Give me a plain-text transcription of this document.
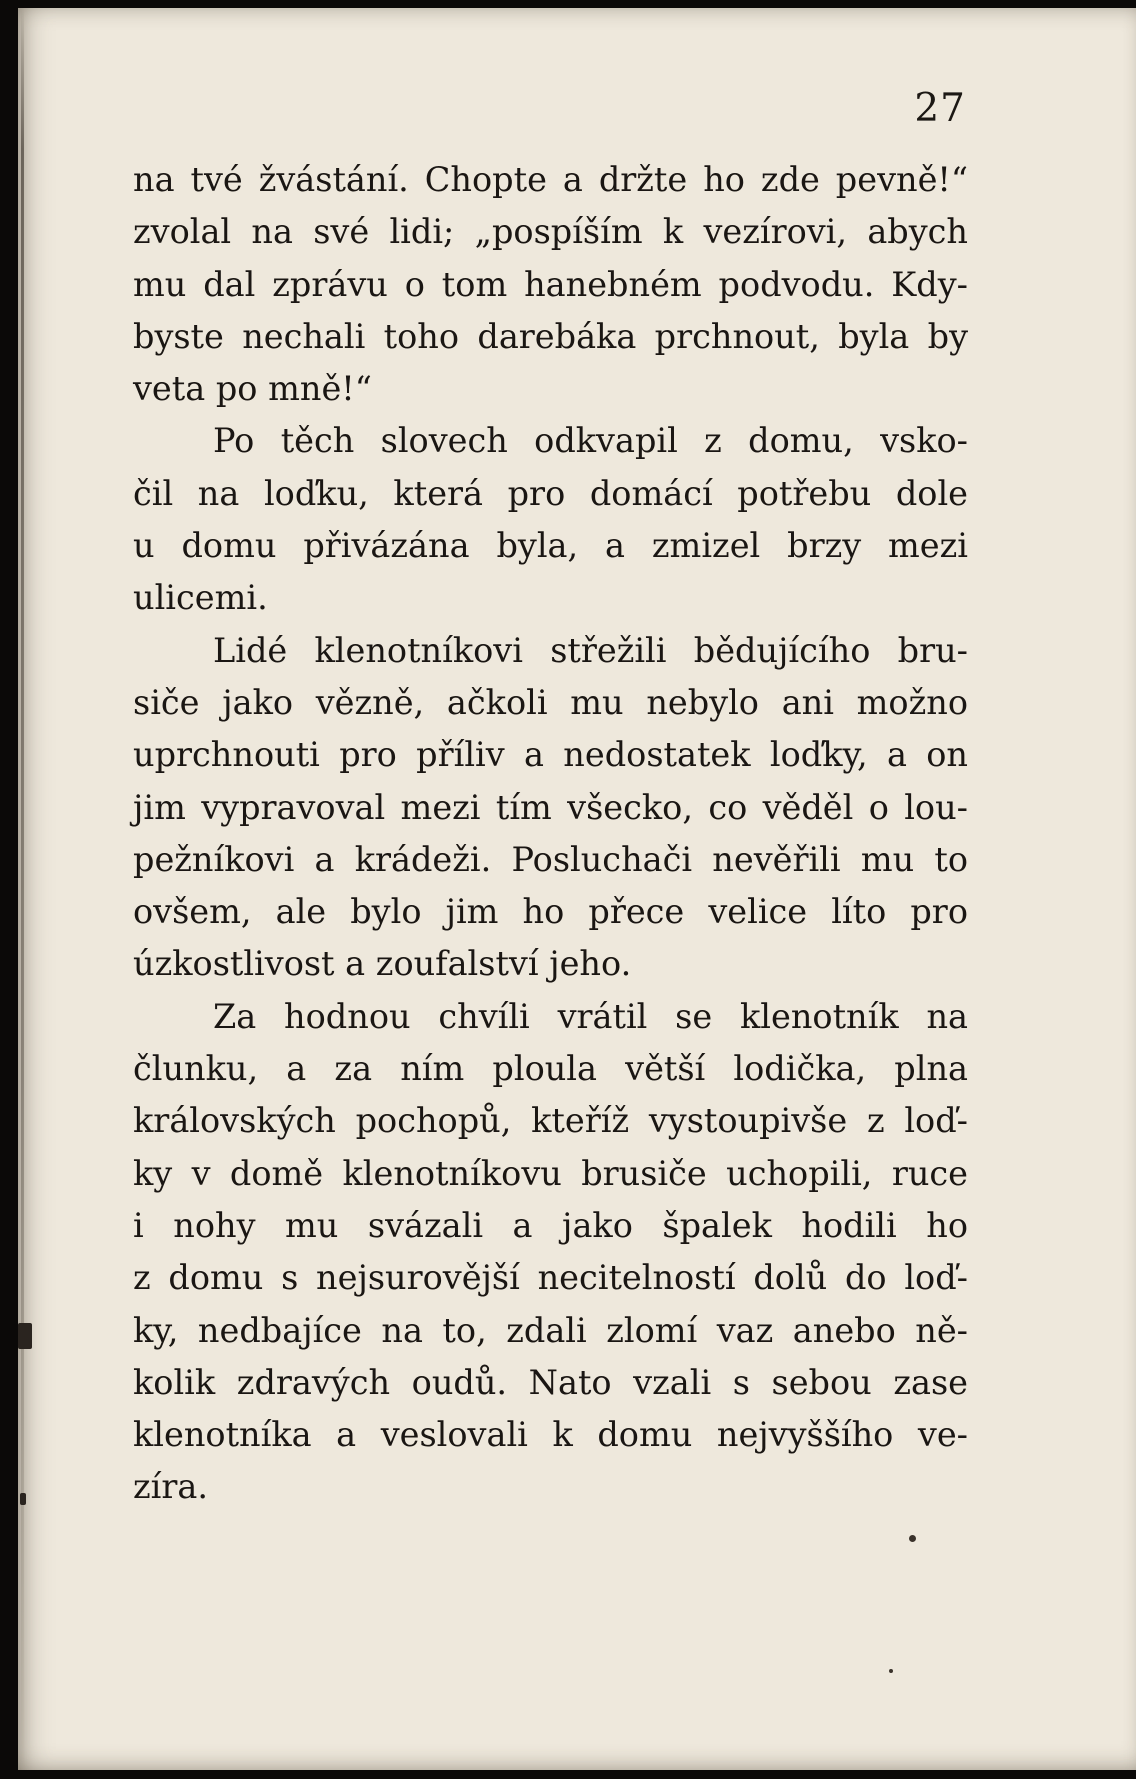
27
na tvé žvástání. Chopte a držte ho zde pevně!“
zvolal na své lidi; „pospíším k vezírovi, abych
mu dal zprávu o tom hanebném podvodu. Kdy-
byste nechali toho darebáka prchnout, byla by
veta po mně!“
Po těch slovech odkvapil z domu, vsko-
čil na loďku, která pro domácí potřebu dole
u domu přivázána byla, a zmizel brzy mezi
ulicemi.
Lidé klenotníkovi střežili bědujícího bru-
siče jako vězně, ačkoli mu nebylo ani možno
uprchnouti pro příliv a nedostatek loďky, a on
jim vypravoval mezi tím všecko, co věděl o lou-
pežníkovi a krádeži. Posluchači nevěřili mu to
ovšem, ale bylo jim ho přece velice líto pro
úzkostlivost a zoufalství jeho.
Za hodnou chvíli vrátil se klenotník na
člunku, a za ním ploula větší lodička, plna
královských pochopů, kteříž vystoupivše z loď-
ky v domě klenotníkovu brusiče uchopili, ruce
i nohy mu svázali a jako špalek hodili ho
z domu s nejsurovější necitelností dolů do loď-
ky, nedbajíce na to, zdali zlomí vaz anebo ně-
kolik zdravých oudů. Nato vzali s sebou zase
klenotníka a veslovali k domu nejvyššího ve-
zíra.
